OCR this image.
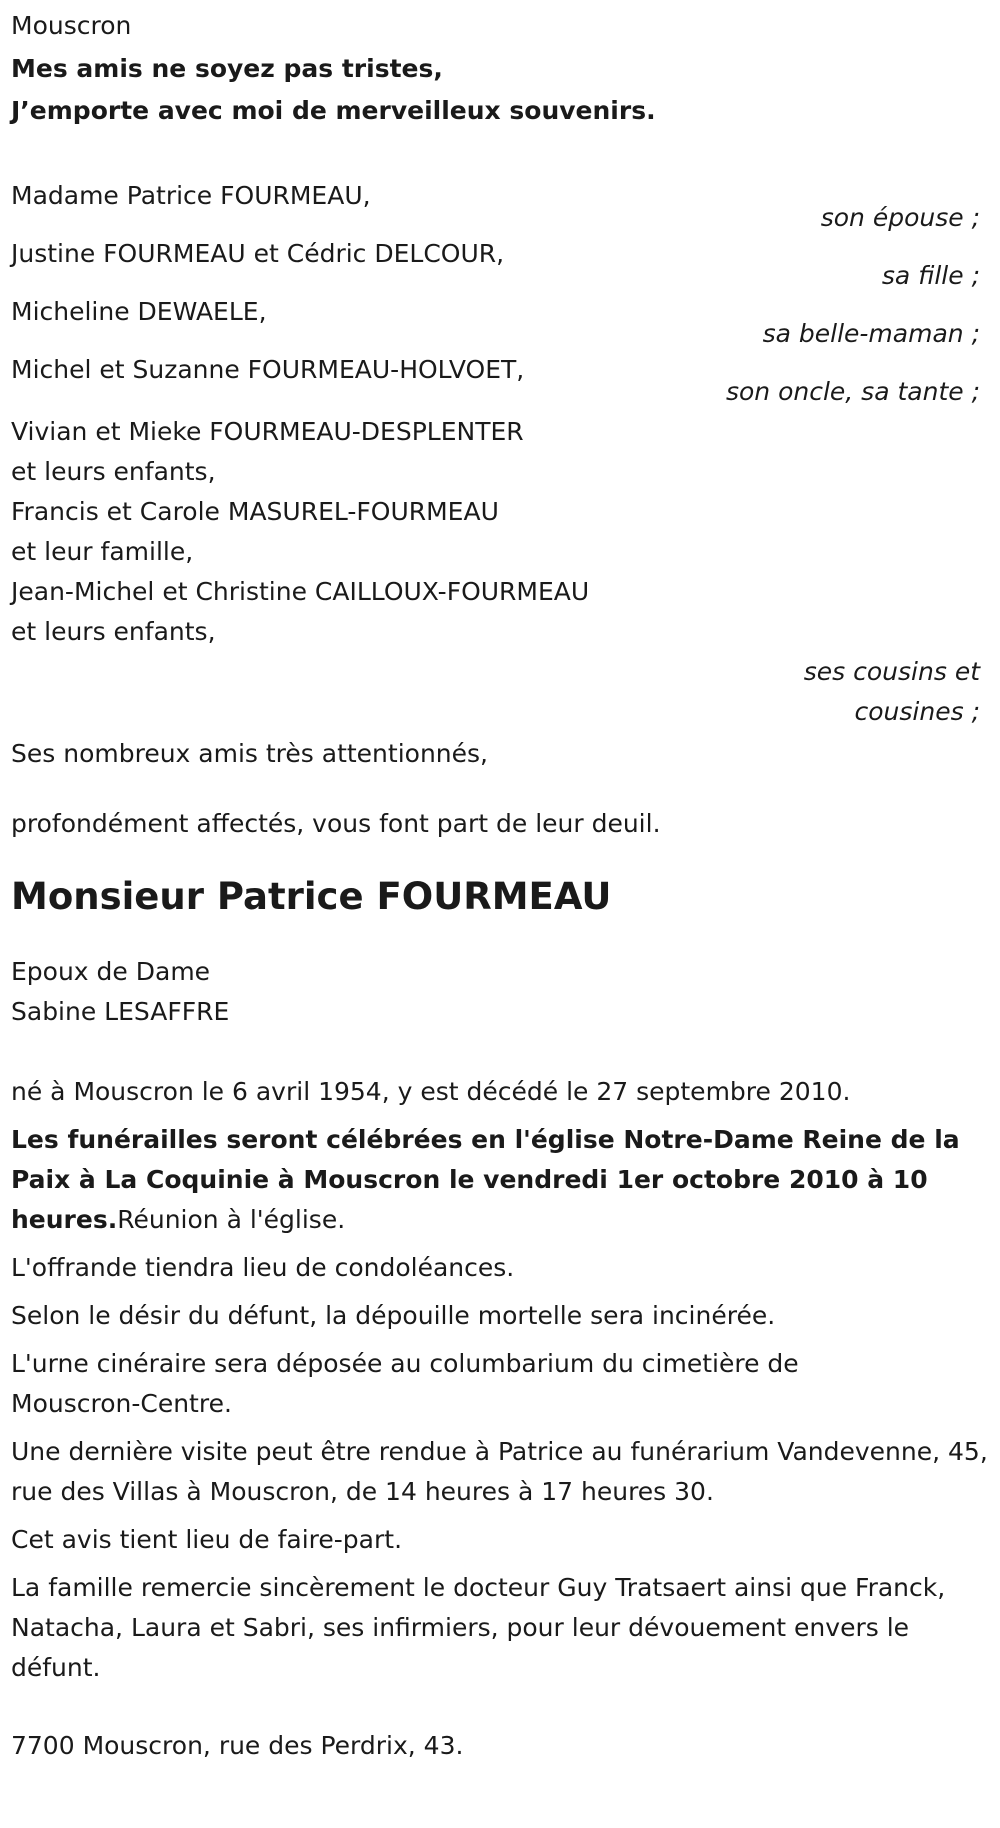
Mouscron
Mes amis ne soyez pas tristes,
J’emporte avec moi de merveilleux souvenirs.
Madame Patrice FOURMEAU,
son épouse ;
Justine FOURMEAU et Cédric DELCOUR,
sa fille ;
Micheline DEWAELE,
sa belle-maman ;
Michel et Suzanne FOURMEAU-HOLVOET,
son oncle, sa tante ;
Vivian et Mieke FOURMEAU-DESPLENTER
et leurs enfants,
Francis et Carole MASUREL-FOURMEAU
et leur famille,
Jean-Michel et Christine CAILLOUX-FOURMEAU
et leurs enfants,
ses cousins et
cousines ;
Ses nombreux amis très attentionnés,
profondément affectés, vous font part de leur deuil.
Monsieur Patrice FOURMEAU
Epoux de Dame
Sabine LESAFFRE
né à Mouscron le 6 avril 1954, y est décédé le 27 septembre 2010.
Les funérailles seront célébrées en l'église Notre-Dame Reine de la Paix à La Coquinie à Mouscron le vendredi 1er octobre 2010 à 10 heures.Réunion à l'église.
L'offrande tiendra lieu de condoléances.
Selon le désir du défunt, la dépouille mortelle sera incinérée.
L'urne cinéraire sera déposée au columbarium du cimetière de Mouscron-Centre.
Une dernière visite peut être rendue à Patrice au funérarium Vandevenne, 45, rue des Villas à Mouscron, de 14 heures à 17 heures 30.
Cet avis tient lieu de faire-part.
La famille remercie sincèrement le docteur Guy Tratsaert ainsi que Franck, Natacha, Laura et Sabri, ses infirmiers, pour leur dévouement envers le défunt.
7700 Mouscron, rue des Perdrix, 43.
